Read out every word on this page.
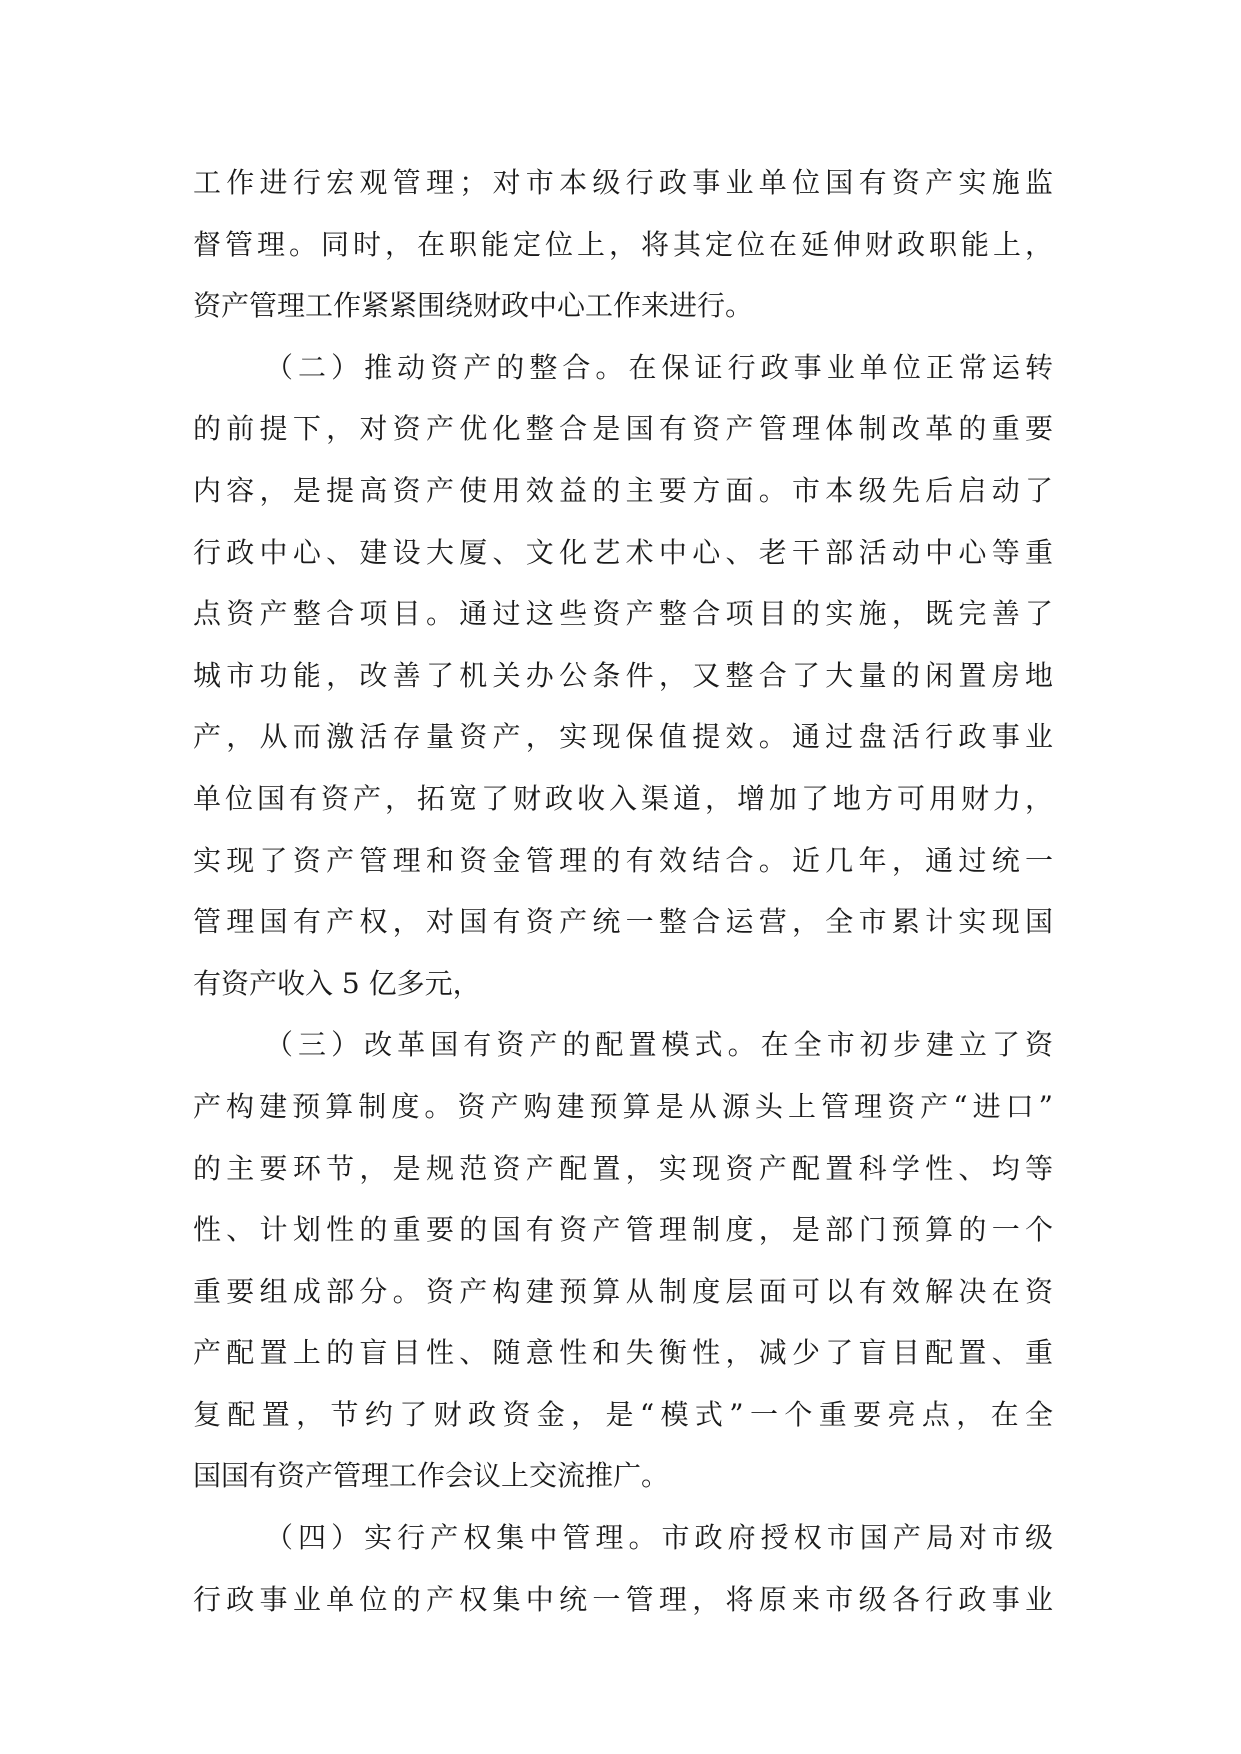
工作进行宏观管理；对市本级行政事业单位国有资产实施监
督管理。同时，在职能定位上，将其定位在延伸财政职能上，
资产管理工作紧紧围绕财政中心工作来进行。
（二）推动资产的整合。在保证行政事业单位正常运转
的前提下，对资产优化整合是国有资产管理体制改革的重要
内容，是提高资产使用效益的主要方面。市本级先后启动了
行政中心、建设大厦、文化艺术中心、老干部活动中心等重
点资产整合项目。通过这些资产整合项目的实施，既完善了
城市功能，改善了机关办公条件，又整合了大量的闲置房地
产，从而激活存量资产，实现保值提效。通过盘活行政事业
单位国有资产，拓宽了财政收入渠道，增加了地方可用财力，
实现了资产管理和资金管理的有效结合。近几年，通过统一
管理国有产权，对国有资产统一整合运营，全市累计实现国
有资产收入 5 亿多元，
（三）改革国有资产的配置模式。在全市初步建立了资
产构建预算制度。资产购建预算是从源头上管理资产“进口”
的主要环节，是规范资产配置，实现资产配置科学性、均等
性、计划性的重要的国有资产管理制度，是部门预算的一个
重要组成部分。资产构建预算从制度层面可以有效解决在资
产配置上的盲目性、随意性和失衡性，减少了盲目配置、重
复配置，节约了财政资金，是“模式”一个重要亮点，在全
国国有资产管理工作会议上交流推广。
（四）实行产权集中管理。市政府授权市国产局对市级
行政事业单位的产权集中统一管理，将原来市级各行政事业
